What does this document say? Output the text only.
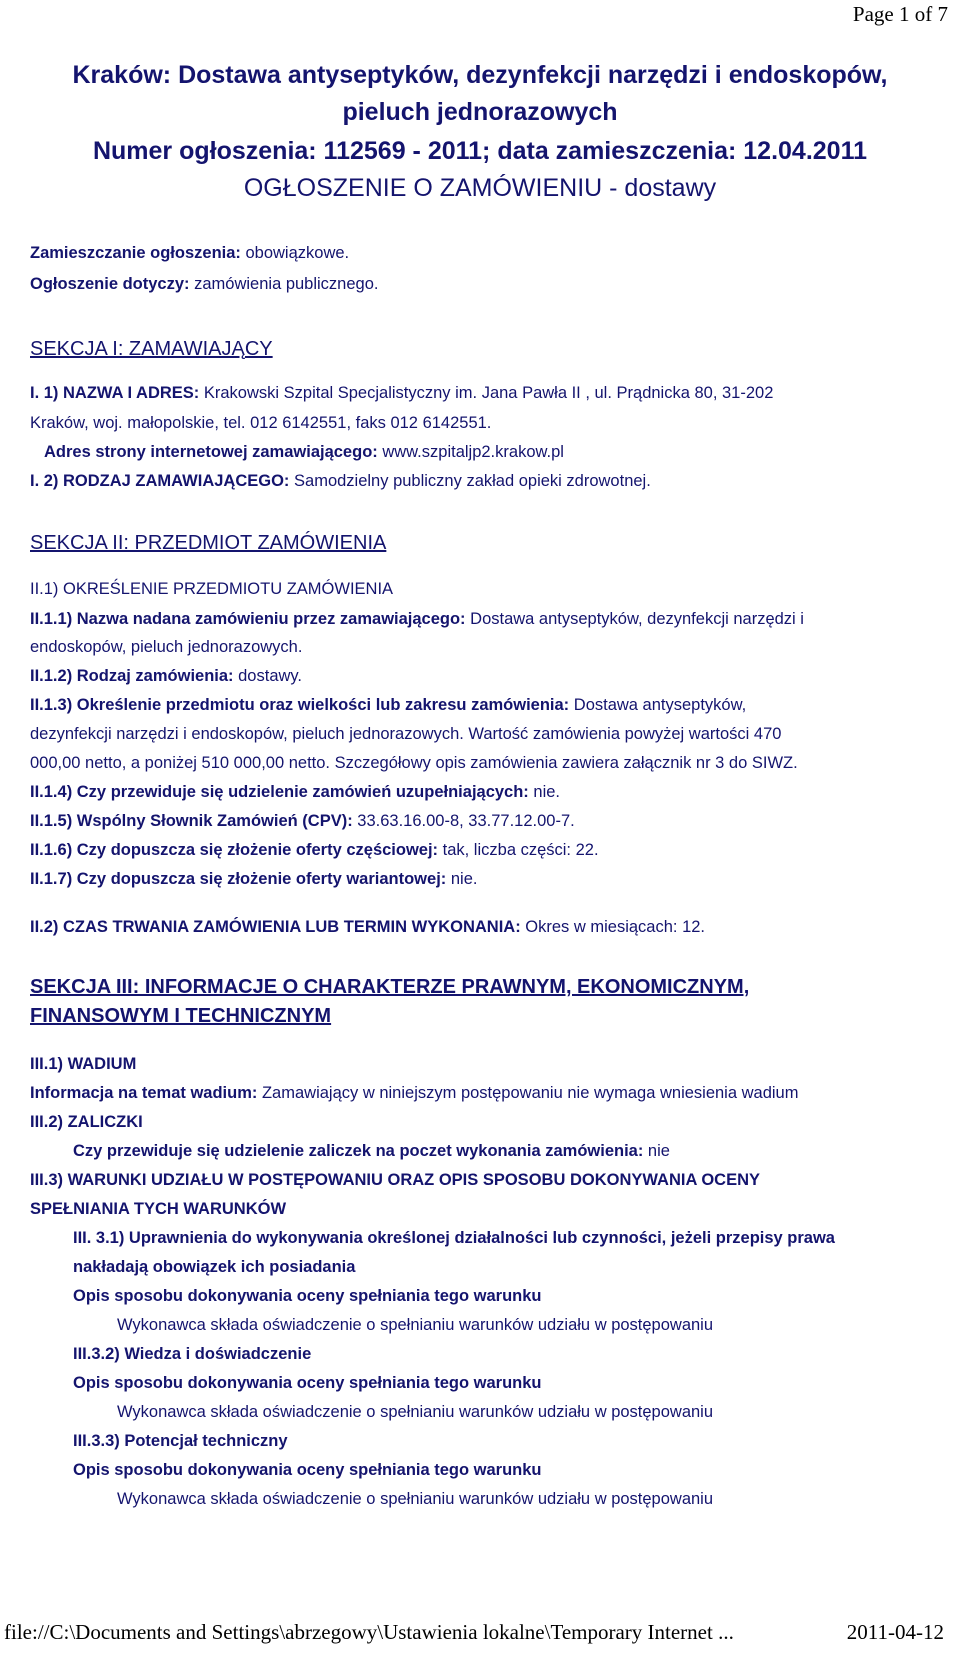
Page 1 of 7
Kraków: Dostawa antyseptyków, dezynfekcji narzędzi i endoskopów,
pieluch jednorazowych
Numer ogłoszenia: 112569 - 2011; data zamieszczenia: 12.04.2011
OGŁOSZENIE O ZAMÓWIENIU - dostawy
Zamieszczanie ogłoszenia: obowiązkowe.
Ogłoszenie dotyczy: zamówienia publicznego.
SEKCJA I: ZAMAWIAJĄCY
I. 1) NAZWA I ADRES: Krakowski Szpital Specjalistyczny im. Jana Pawła II , ul. Prądnicka 80, 31-202
Kraków, woj. małopolskie, tel. 012 6142551, faks 012 6142551.
Adres strony internetowej zamawiającego: www.szpitaljp2.krakow.pl
I. 2) RODZAJ ZAMAWIAJĄCEGO: Samodzielny publiczny zakład opieki zdrowotnej.
SEKCJA II: PRZEDMIOT ZAMÓWIENIA
II.1) OKREŚLENIE PRZEDMIOTU ZAMÓWIENIA
II.1.1) Nazwa nadana zamówieniu przez zamawiającego: Dostawa antyseptyków, dezynfekcji narzędzi i
endoskopów, pieluch jednorazowych.
II.1.2) Rodzaj zamówienia: dostawy.
II.1.3) Określenie przedmiotu oraz wielkości lub zakresu zamówienia: Dostawa antyseptyków,
dezynfekcji narzędzi i endoskopów, pieluch jednorazowych. Wartość zamówienia powyżej wartości 470
000,00 netto, a poniżej 510 000,00 netto. Szczegółowy opis zamówienia zawiera załącznik nr 3 do SIWZ.
II.1.4) Czy przewiduje się udzielenie zamówień uzupełniających: nie.
II.1.5) Wspólny Słownik Zamówień (CPV): 33.63.16.00-8, 33.77.12.00-7.
II.1.6) Czy dopuszcza się złożenie oferty częściowej: tak, liczba części: 22.
II.1.7) Czy dopuszcza się złożenie oferty wariantowej: nie.
II.2) CZAS TRWANIA ZAMÓWIENIA LUB TERMIN WYKONANIA: Okres w miesiącach: 12.
SEKCJA III: INFORMACJE O CHARAKTERZE PRAWNYM, EKONOMICZNYM,
FINANSOWYM I TECHNICZNYM
III.1) WADIUM
Informacja na temat wadium: Zamawiający w niniejszym postępowaniu nie wymaga wniesienia wadium
III.2) ZALICZKI
Czy przewiduje się udzielenie zaliczek na poczet wykonania zamówienia: nie
III.3) WARUNKI UDZIAŁU W POSTĘPOWANIU ORAZ OPIS SPOSOBU DOKONYWANIA OCENY
SPEŁNIANIA TYCH WARUNKÓW
III. 3.1) Uprawnienia do wykonywania określonej działalności lub czynności, jeżeli przepisy prawa
nakładają obowiązek ich posiadania
Opis sposobu dokonywania oceny spełniania tego warunku
Wykonawca składa oświadczenie o spełnianiu warunków udziału w postępowaniu
III.3.2) Wiedza i doświadczenie
Opis sposobu dokonywania oceny spełniania tego warunku
Wykonawca składa oświadczenie o spełnianiu warunków udziału w postępowaniu
III.3.3) Potencjał techniczny
Opis sposobu dokonywania oceny spełniania tego warunku
Wykonawca składa oświadczenie o spełnianiu warunków udziału w postępowaniu
file://C:\Documents and Settings\abrzegowy\Ustawienia lokalne\Temporary Internet ...	2011-04-12
